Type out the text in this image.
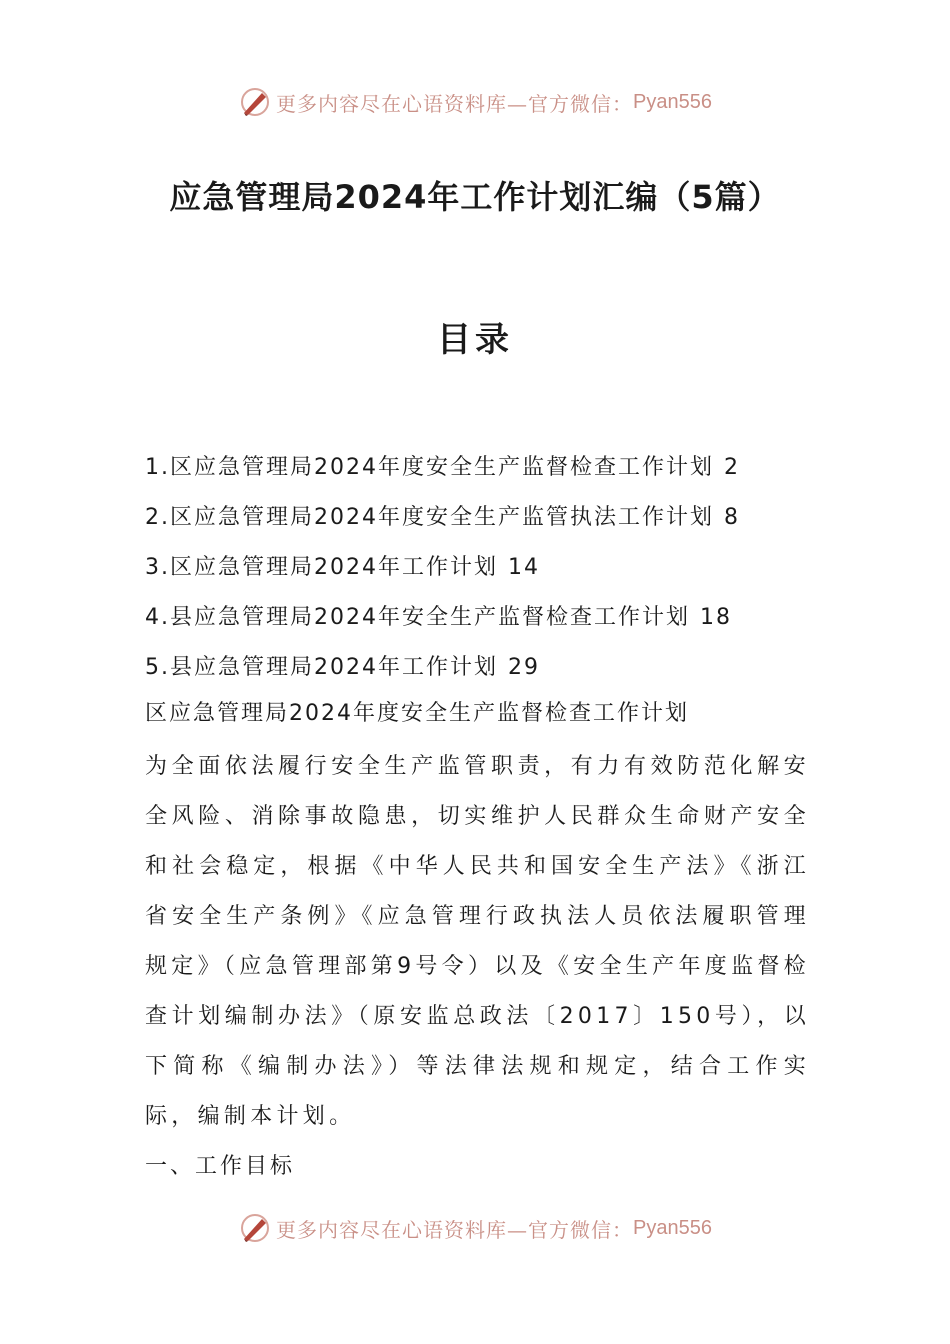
更多内容尽在心语资料库—官方微信： Pyan556
应急管理局2024年工作计划汇编（5篇）
目录
1.区应急管理局2024年度安全生产监督检查工作计划 2
2.区应急管理局2024年度安全生产监管执法工作计划 8
3.区应急管理局2024年工作计划 14
4.县应急管理局2024年安全生产监督检查工作计划 18
5.县应急管理局2024年工作计划 29
区应急管理局2024年度安全生产监督检查工作计划

为全面依法履行安全生产监管职责，有力有效防范化解安全风险、消除事故隐患，切实维护人民群众生命财产安全和社会稳定，根据《中华人民共和国安全生产法》《浙江省安全生产条例》《应急管理行政执法人员依法履职管理规定》（应急管理部第9号令）以及《安全生产年度监督检查计划编制办法》（原安监总政法〔2017〕150号），以下简称《编制办法》）等法律法规和规定，结合工作实际，编制本计划。

一、工作目标
更多内容尽在心语资料库—官方微信： Pyan556
